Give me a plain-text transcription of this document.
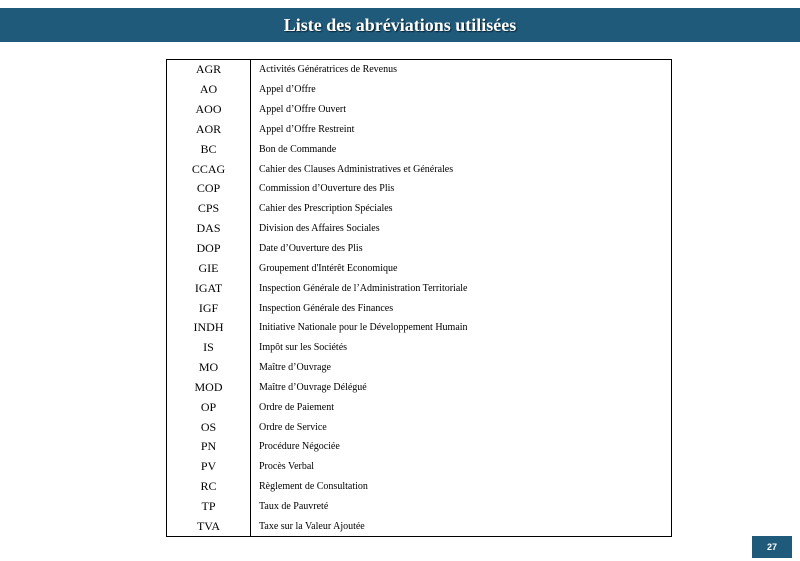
Liste des abréviations utilisées
AGR	Activités Génératrices de Revenus
AO	Appel d’Offre
AOO	Appel d’Offre Ouvert
AOR	Appel d’Offre Restreint
BC	Bon de Commande
CCAG	Cahier des Clauses Administratives et Générales
COP	Commission d’Ouverture des Plis
CPS	Cahier des Prescription Spéciales
DAS	Division des Affaires Sociales
DOP	Date d’Ouverture des Plis
GIE	Groupement d'Intérêt Economique
IGAT	Inspection Générale de l’Administration Territoriale
IGF	Inspection Générale des Finances
INDH	Initiative Nationale pour le Développement Humain
IS	Impôt sur les Sociétés
MO	Maître d’Ouvrage
MOD	Maître d’Ouvrage Délégué
OP	Ordre de Paiement
OS	Ordre de Service
PN	Procédure Négociée
PV	Procès Verbal
RC	Règlement de Consultation
TP	Taux de Pauvreté
TVA	Taxe sur la Valeur Ajoutée
27
